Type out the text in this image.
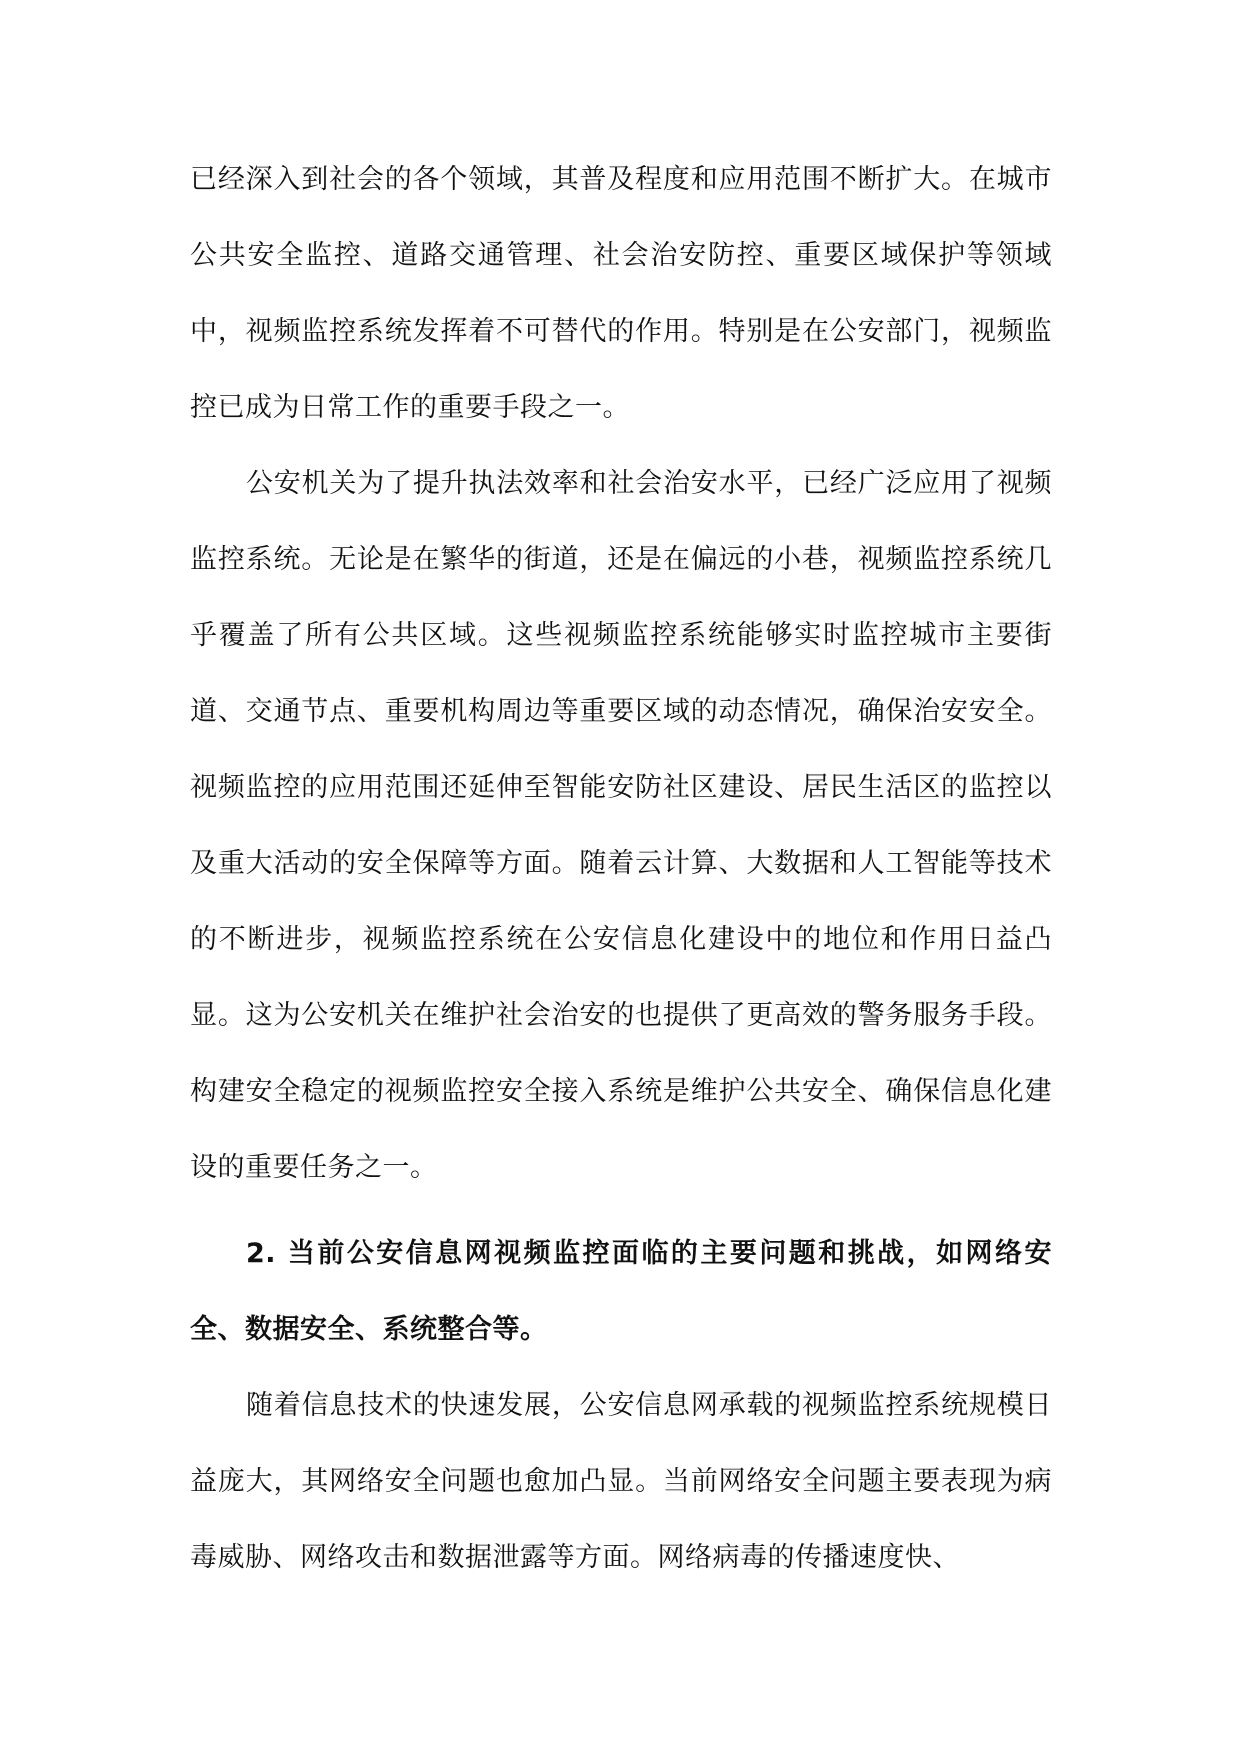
已经深入到社会的各个领域，其普及程度和应用范围不断扩大。在城市公共安全监控、道路交通管理、社会治安防控、重要区域保护等领域中，视频监控系统发挥着不可替代的作用。特别是在公安部门，视频监控已成为日常工作的重要手段之一。

公安机关为了提升执法效率和社会治安水平，已经广泛应用了视频监控系统。无论是在繁华的街道，还是在偏远的小巷，视频监控系统几乎覆盖了所有公共区域。这些视频监控系统能够实时监控城市主要街道、交通节点、重要机构周边等重要区域的动态情况，确保治安安全。视频监控的应用范围还延伸至智能安防社区建设、居民生活区的监控以及重大活动的安全保障等方面。随着云计算、大数据和人工智能等技术的不断进步，视频监控系统在公安信息化建设中的地位和作用日益凸显。这为公安机关在维护社会治安的也提供了更高效的警务服务手段。构建安全稳定的视频监控安全接入系统是维护公共安全、确保信息化建设的重要任务之一。

2. 当前公安信息网视频监控面临的主要问题和挑战，如网络安全、数据安全、系统整合等。

随着信息技术的快速发展，公安信息网承载的视频监控系统规模日益庞大，其网络安全问题也愈加凸显。当前网络安全问题主要表现为病毒威胁、网络攻击和数据泄露等方面。网络病毒的传播速度快、
